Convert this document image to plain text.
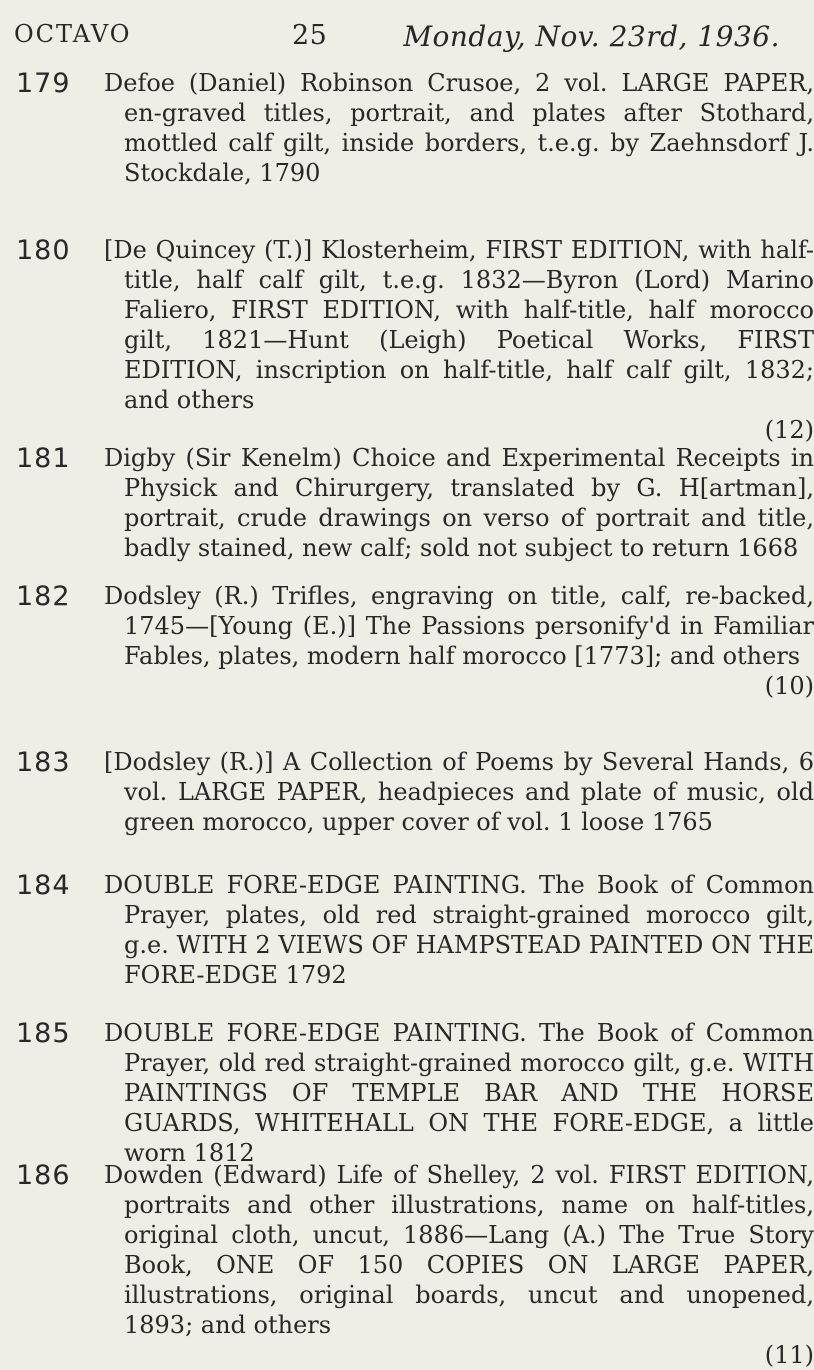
OCTAVO	25	Monday, Nov. 23rd, 1936.
179 Defoe (Daniel) Robinson Crusoe, 2 vol. LARGE PAPER, en-graved titles, portrait, and plates after Stothard, mottled calf gilt, inside borders, t.e.g. by Zaehnsdorf J. Stockdale, 1790
180 [De Quincey (T.)] Klosterheim, FIRST EDITION, with half-title, half calf gilt, t.e.g. 1832—Byron (Lord) Marino Faliero, FIRST EDITION, with half-title, half morocco gilt, 1821—Hunt (Leigh) Poetical Works, FIRST EDITION, inscription on half-title, half calf gilt, 1832; and others
(12)
181 Digby (Sir Kenelm) Choice and Experimental Receipts in Physick and Chirurgery, translated by G. H[artman], portrait, crude drawings on verso of portrait and title, badly stained, new calf; sold not subject to return 1668
182 Dodsley (R.) Trifles, engraving on title, calf, re-backed, 1745—[Young (E.)] The Passions personify'd in Familiar Fables, plates, modern half morocco [1773]; and others
(10)
183 [Dodsley (R.)] A Collection of Poems by Several Hands, 6 vol. LARGE PAPER, headpieces and plate of music, old green morocco, upper cover of vol. 1 loose 1765
184 DOUBLE FORE-EDGE PAINTING. The Book of Common Prayer, plates, old red straight-grained morocco gilt, g.e. WITH 2 VIEWS OF HAMPSTEAD PAINTED ON THE FORE-EDGE 1792
185 DOUBLE FORE-EDGE PAINTING. The Book of Common Prayer, old red straight-grained morocco gilt, g.e. WITH PAINTINGS OF TEMPLE BAR AND THE HORSE GUARDS, WHITEHALL ON THE FORE-EDGE, a little worn 1812
186 Dowden (Edward) Life of Shelley, 2 vol. FIRST EDITION, portraits and other illustrations, name on half-titles, original cloth, uncut, 1886—Lang (A.) The True Story Book, ONE OF 150 COPIES ON LARGE PAPER, illustrations, original boards, uncut and unopened, 1893; and others
(11)
